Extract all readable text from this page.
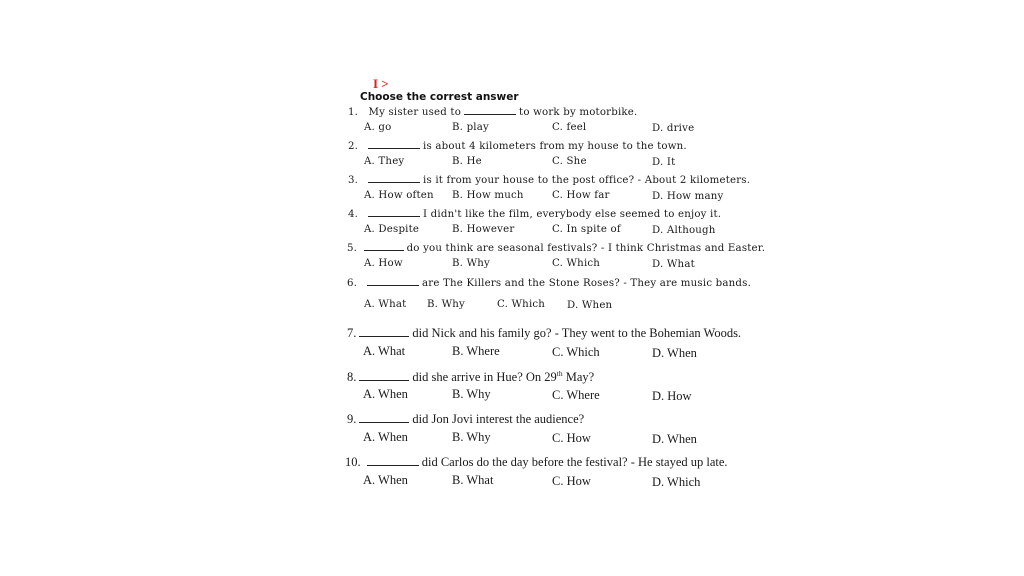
I >
Choose the correst answer
1. My sister used to	to work by motorbike.
A. go	B. play	C. feel	D. drive
2.	is about 4 kilometers from my house to the town.
A. They	B. He	C. She	D. It
3.	is it from your house to the post office? - About 2 kilometers.
A. How often B. How much	C. How far	D. How many
4.	I didn't like the film, everybody else seemed to enjoy it.
A. Despite	B. However	C. In spite of	D. Although
5.	do you think are seasonal festivals? - I think Christmas and Easter.
A. How	B. Why	C. Which	D. What
6.	are The Killers and the Stone Roses? - They are music bands.
A. What B. Why	C. Which D. When
7.	did Nick and his family go? - They went to the Bohemian Woods.
A. What	B. Where	C. Which	D. When
8.	did she arrive in Hue? On 29th May?
A. When	B. Why	C. Where	D. How
9.	did Jon Jovi interest the audience?
A. When	B. Why	C. How	D. When
10.	did Carlos do the day before the festival? - He stayed up late.
A. When	B. What	C. How	D. Which
